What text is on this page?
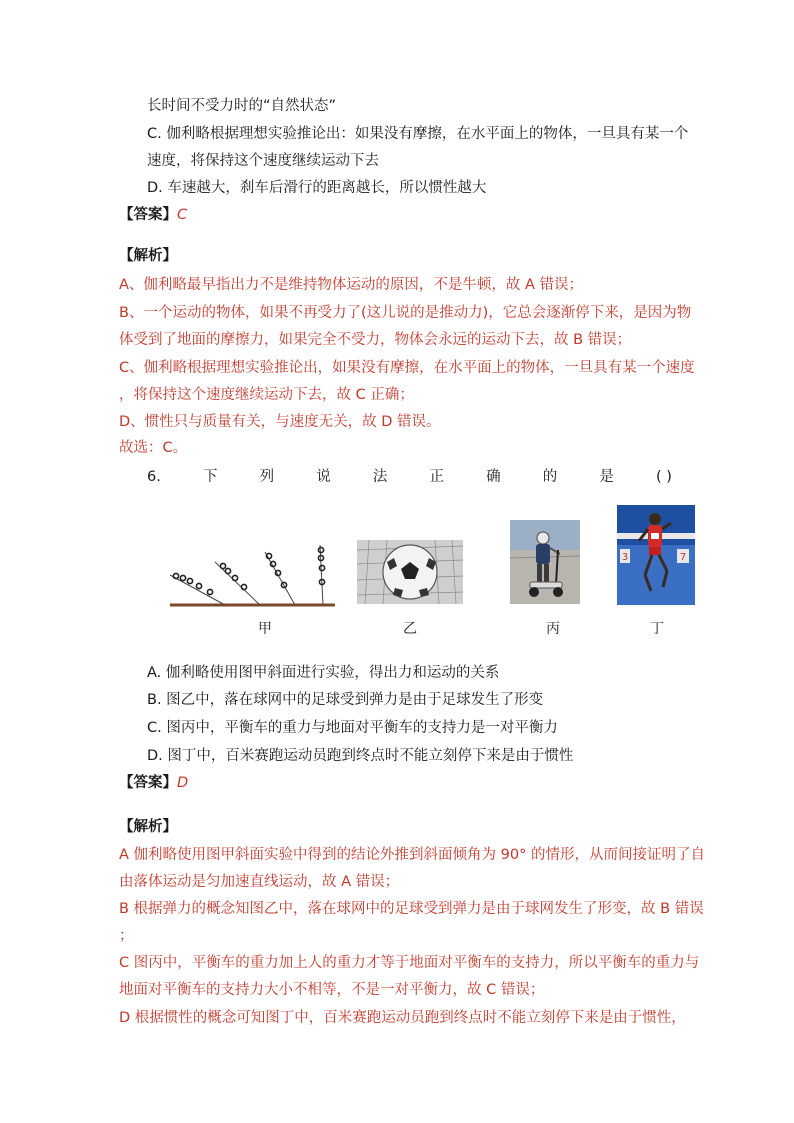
长时间不受力时的“自然状态”
C. 伽利略根据理想实验推论出：如果没有摩擦，在水平面上的物体，一旦具有某一个
速度，将保持这个速度继续运动下去
D. 车速越大，刹车后滑行的距离越长，所以惯性越大
【答案】C
【解析】
A、伽利略最早指出力不是维持物体运动的原因，不是牛顿，故 A 错误；
B、一个运动的物体，如果不再受力了(这儿说的是推动力)，它总会逐渐停下来，是因为物
体受到了地面的摩擦力，如果完全不受力，物体会永远的运动下去，故 B 错误；
C、伽利略根据理想实验推论出，如果没有摩擦，在水平面上的物体，一旦具有某一个速度
，将保持这个速度继续运动下去，故 C 正确；
D、惯性只与质量有关，与速度无关，故 D 错误。
故选：C。
6.	下	列	说	法	正	确	的	是	( )
3	7
甲	乙	丙	丁
A. 伽利略使用图甲斜面进行实验，得出力和运动的关系
B. 图乙中，落在球网中的足球受到弹力是由于足球发生了形变
C. 图丙中，平衡车的重力与地面对平衡车的支持力是一对平衡力
D. 图丁中，百米赛跑运动员跑到终点时不能立刻停下来是由于惯性
【答案】D
【解析】
A 伽利略使用图甲斜面实验中得到的结论外推到斜面倾角为 90° 的情形，从而间接证明了自
由落体运动是匀加速直线运动，故 A 错误；
B 根据弹力的概念知图乙中，落在球网中的足球受到弹力是由于球网发生了形变，故 B 错误
；
C 图丙中，平衡车的重力加上人的重力才等于地面对平衡车的支持力，所以平衡车的重力与
地面对平衡车的支持力大小不相等，不是一对平衡力，故 C 错误；
D 根据惯性的概念可知图丁中，百米赛跑运动员跑到终点时不能立刻停下来是由于惯性，
